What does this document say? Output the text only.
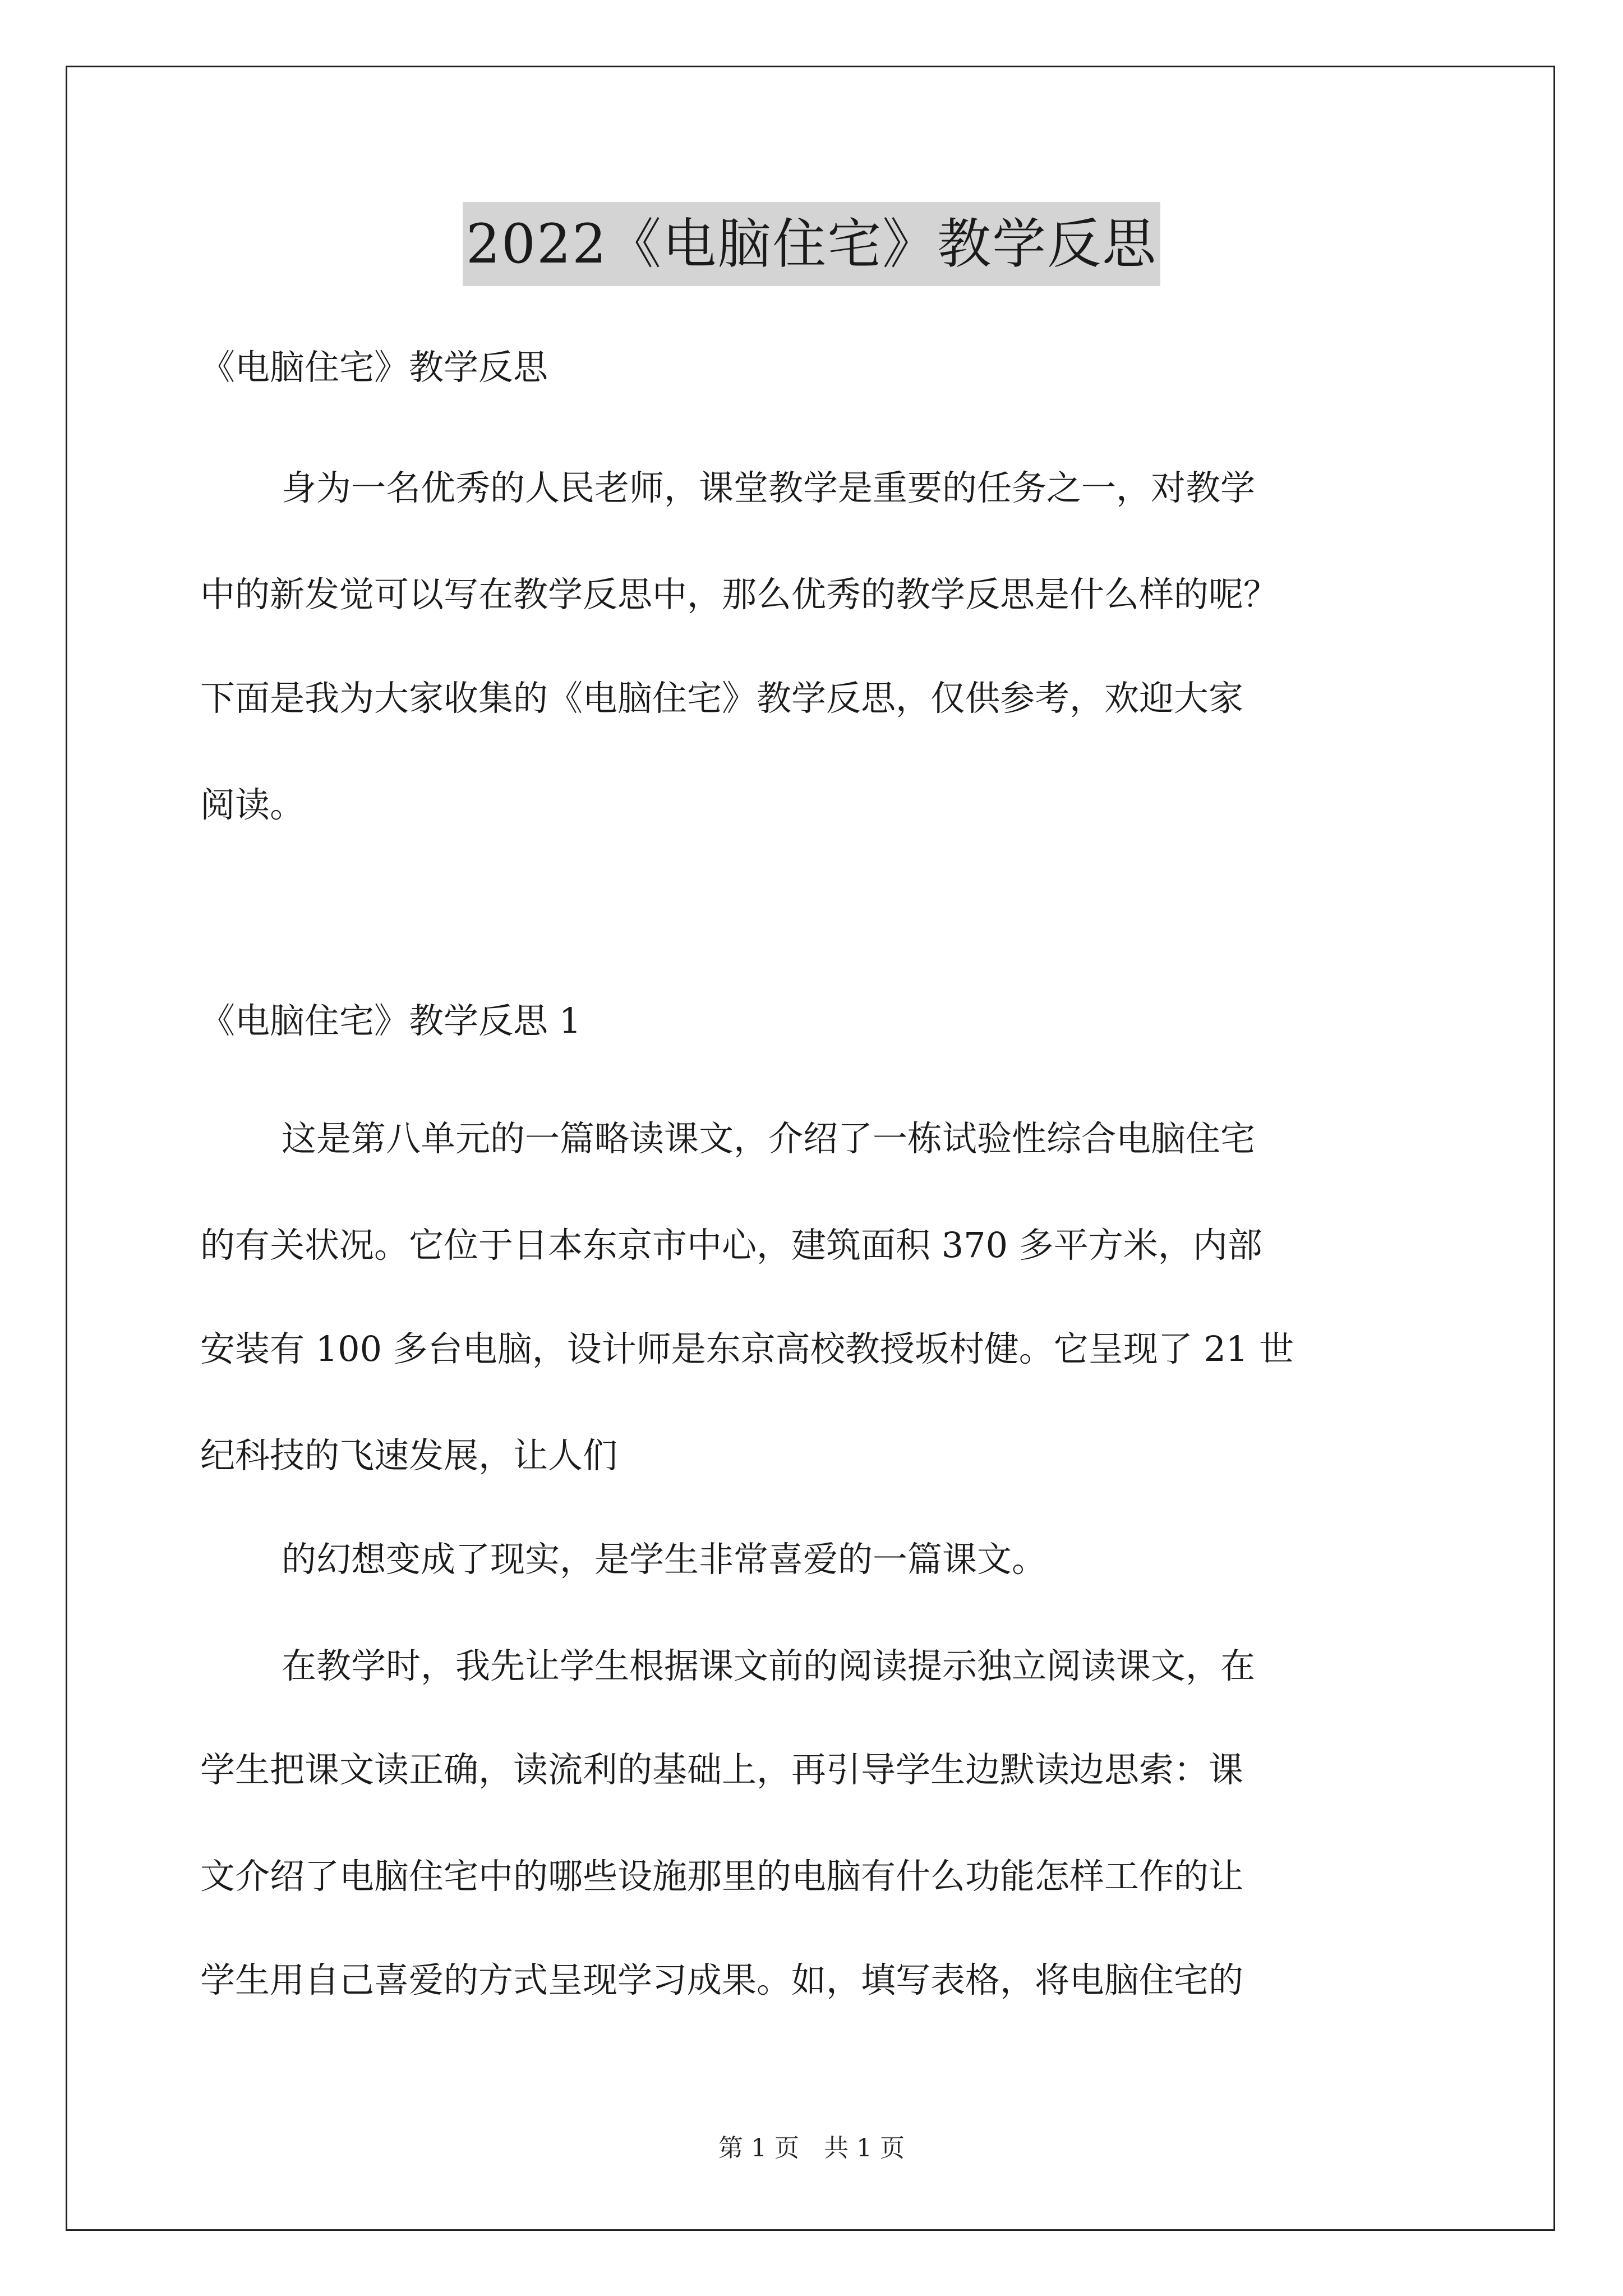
2022《电脑住宅》教学反思
《电脑住宅》教学反思
身为一名优秀的人民老师，课堂教学是重要的任务之一，对教学
中的新发觉可以写在教学反思中，那么优秀的教学反思是什么样的呢？
下面是我为大家收集的《电脑住宅》教学反思，仅供参考，欢迎大家
阅读。
《电脑住宅》教学反思 1
这是第八单元的一篇略读课文，介绍了一栋试验性综合电脑住宅
的有关状况。它位于日本东京市中心，建筑面积 370 多平方米，内部
安装有 100 多台电脑，设计师是东京高校教授坂村健。它呈现了 21 世
纪科技的飞速发展，让人们
的幻想变成了现实，是学生非常喜爱的一篇课文。
在教学时，我先让学生根据课文前的阅读提示独立阅读课文，在
学生把课文读正确，读流利的基础上，再引导学生边默读边思索：课
文介绍了电脑住宅中的哪些设施那里的电脑有什么功能怎样工作的让
学生用自己喜爱的方式呈现学习成果。如，填写表格，将电脑住宅的
第 1 页　共 1 页
